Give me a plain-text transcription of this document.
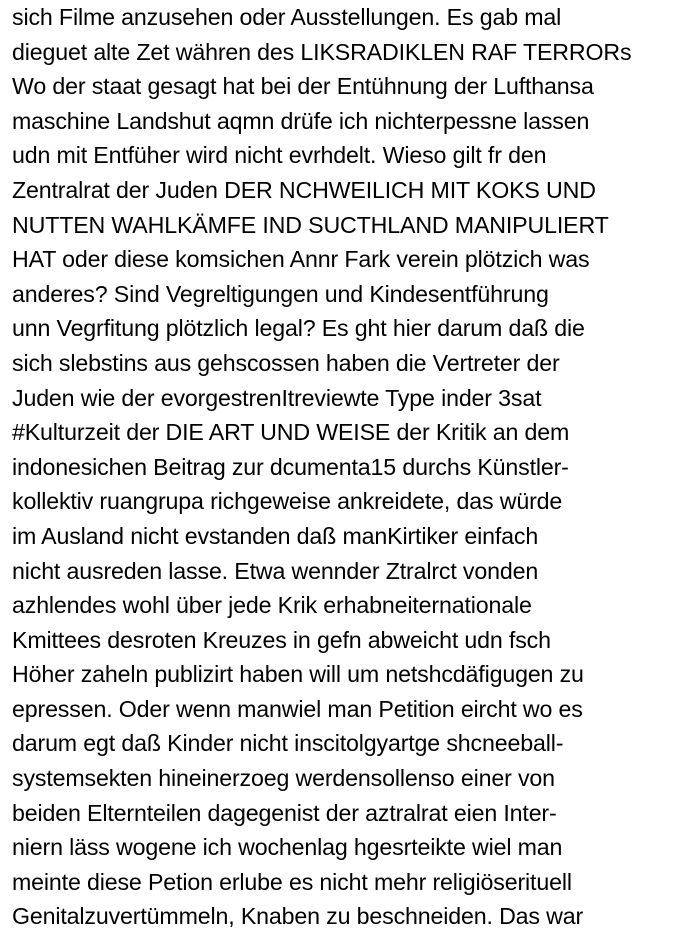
sich Filme anzusehen oder Ausstellungen. Es gab mal
dieguet alte Zet währen des LIKSRADIKLEN RAF TERRORs
Wo der staat gesagt hat bei der Entühnung der Lufthansa
maschine Landshut aqmn drüfe ich nichterpessne lassen
udn mit Entfüher wird nicht evrhdelt. Wieso gilt fr den
Zentralrat der Juden DER NCHWEILICH MIT KOKS UND
NUTTEN WAHLKÄMFE IND SUCTHLAND MANIPULIERT
HAT oder diese komsichen Annr Fark verein plötzich was
anderes? Sind Vegreltigungen und Kindesentführung
unn Vegrfitung plötzlich legal? Es ght hier darum daß die
sich slebstins aus gehscossen haben die Vertreter der
Juden wie der evorgestrenItreviewte Type inder 3sat
#Kulturzeit der DIE ART UND WEISE der Kritik an dem
indonesichen Beitrag zur dcumenta15 durchs Künstler-
kollektiv ruangrupa richgeweise ankreidete, das würde
im Ausland nicht evstanden daß manKirtiker einfach
nicht ausreden lasse. Etwa wennder Ztralrct vonden
azhlendes wohl über jede Krik erhabneiternationale
Kmittees desroten Kreuzes in gefn abweicht udn fsch
Höher zaheln publizirt haben will um netshcdäfigugen zu
epressen. Oder wenn manwiel man Petition eircht wo es
darum egt daß Kinder nicht inscitolgyartge shcneeball-
systemsekten hineinerzoeg werdensollenso einer von
beiden Elternteilen dagegenist der aztralrat eien Inter-
niern läss wogene ich wochenlag hgesrteikte wiel man
meinte diese Petion erlube es nicht mehr religiöserituell
Genitalzuvertümmeln, Knaben zu beschneiden. Das war
